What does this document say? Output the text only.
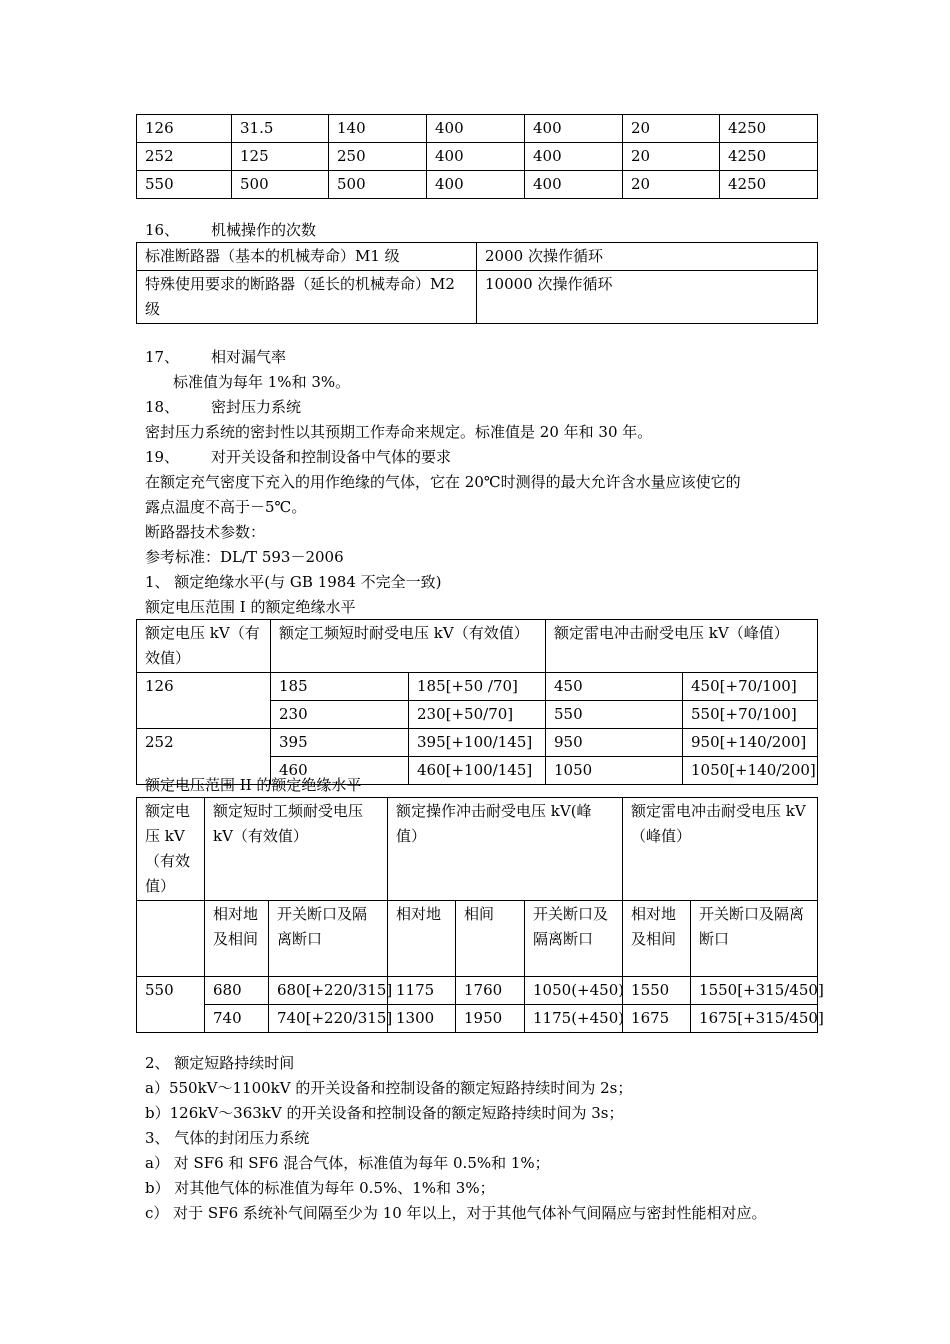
126	31.5	140	400	400	20	4250
252	125	250	400	400	20	4250
550	500	500	400	400	20	4250
16、 机械操作的次数
标准断路器（基本的机械寿命）M1 级	2000 次操作循环
特殊使用要求的断路器（延长的机械寿命）M2 级	10000 次操作循环
17、 相对漏气率
标准值为每年 1%和 3%。
18、 密封压力系统
密封压力系统的密封性以其预期工作寿命来规定。标准值是 20 年和 30 年。
19、 对开关设备和控制设备中气体的要求
在额定充气密度下充入的用作绝缘的气体，它在 20℃时测得的最大允许含水量应该使它的
露点温度不高于－5℃。
断路器技术参数：
参考标准：DL/T 593－2006
1、 额定绝缘水平(与 GB 1984 不完全一致)
额定电压范围 I 的额定绝缘水平
额定电压 kV（有效值）	额定工频短时耐受电压 kV（有效值）		额定雷电冲击耐受电压 kV（峰值）	
126	185	185[+50 /70]	450	450[+70/100]
	230	230[+50/70]	550	550[+70/100]
252	395	395[+100/145]	950	950[+140/200]
	460	460[+100/145]	1050	1050[+140/200]
额定电压范围 II 的额定绝缘水平
额定电压 kV（有效值）	额定短时工频耐受电压 kV（有效值）		额定操作冲击耐受电压 kV(峰值）			额定雷电冲击耐受电压 kV（峰值）	
	相对地及相间	开关断口及隔离断口	相对地	相间	开关断口及隔离断口	相对地及相间	开关断口及隔离断口
550	680	680[+220/315]	1175	1760	1050(+450)	1550	1550[+315/450]
	740	740[+220/315]	1300	1950	1175(+450)	1675	1675[+315/450]
2、 额定短路持续时间
a）550kV～1100kV 的开关设备和控制设备的额定短路持续时间为 2s；
b）126kV～363kV 的开关设备和控制设备的额定短路持续时间为 3s；
3、 气体的封闭压力系统
a） 对 SF6 和 SF6 混合气体，标准值为每年 0.5%和 1%；
b） 对其他气体的标准值为每年 0.5%、1%和 3%；
c） 对于 SF6 系统补气间隔至少为 10 年以上，对于其他气体补气间隔应与密封性能相对应。
